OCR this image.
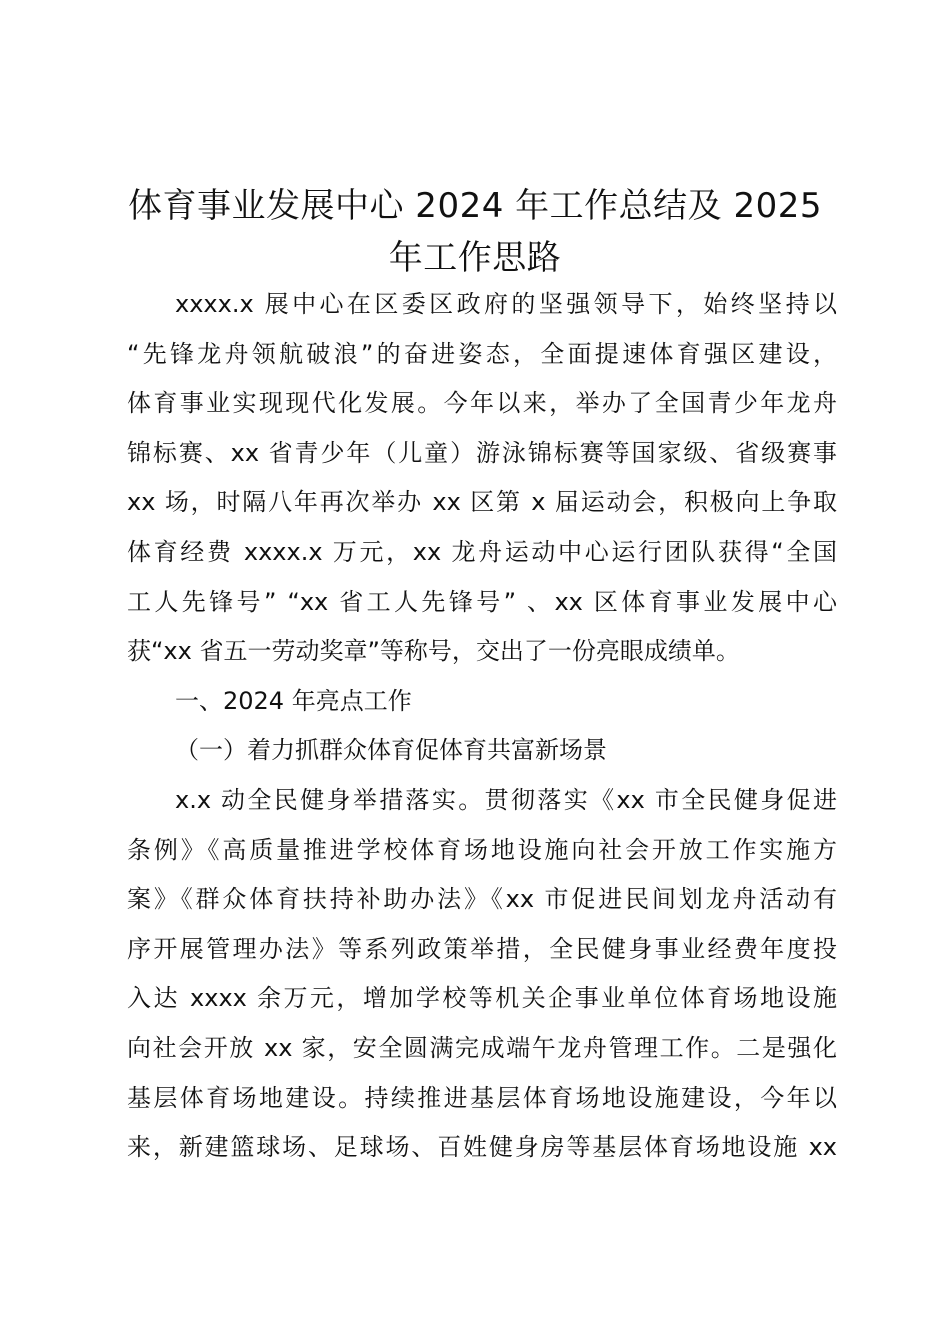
体育事业发展中心 2024 年工作总结及 2025
年工作思路
xxxx.x 展中心在区委区政府的坚强领导下，始终坚持以
“先锋龙舟领航破浪”的奋进姿态，全面提速体育强区建设，
体育事业实现现代化发展。今年以来，举办了全国青少年龙舟
锦标赛、xx 省青少年（儿童）游泳锦标赛等国家级、省级赛事
xx 场，时隔八年再次举办 xx 区第 x 届运动会，积极向上争取
体育经费 xxxx.x 万元，xx 龙舟运动中心运行团队获得“全国
工人先锋号” “xx 省工人先锋号” 、xx 区体育事业发展中心
获“xx 省五一劳动奖章”等称号，交出了一份亮眼成绩单。
一、2024 年亮点工作
（一）着力抓群众体育促体育共富新场景
x.x 动全民健身举措落实。贯彻落实《xx 市全民健身促进
条例》《高质量推进学校体育场地设施向社会开放工作实施方
案》《群众体育扶持补助办法》《xx 市促进民间划龙舟活动有
序开展管理办法》等系列政策举措，全民健身事业经费年度投
入达 xxxx 余万元，增加学校等机关企事业单位体育场地设施
向社会开放 xx 家，安全圆满完成端午龙舟管理工作。二是强化
基层体育场地建设。持续推进基层体育场地设施建设，今年以
来，新建篮球场、足球场、百姓健身房等基层体育场地设施 xx
